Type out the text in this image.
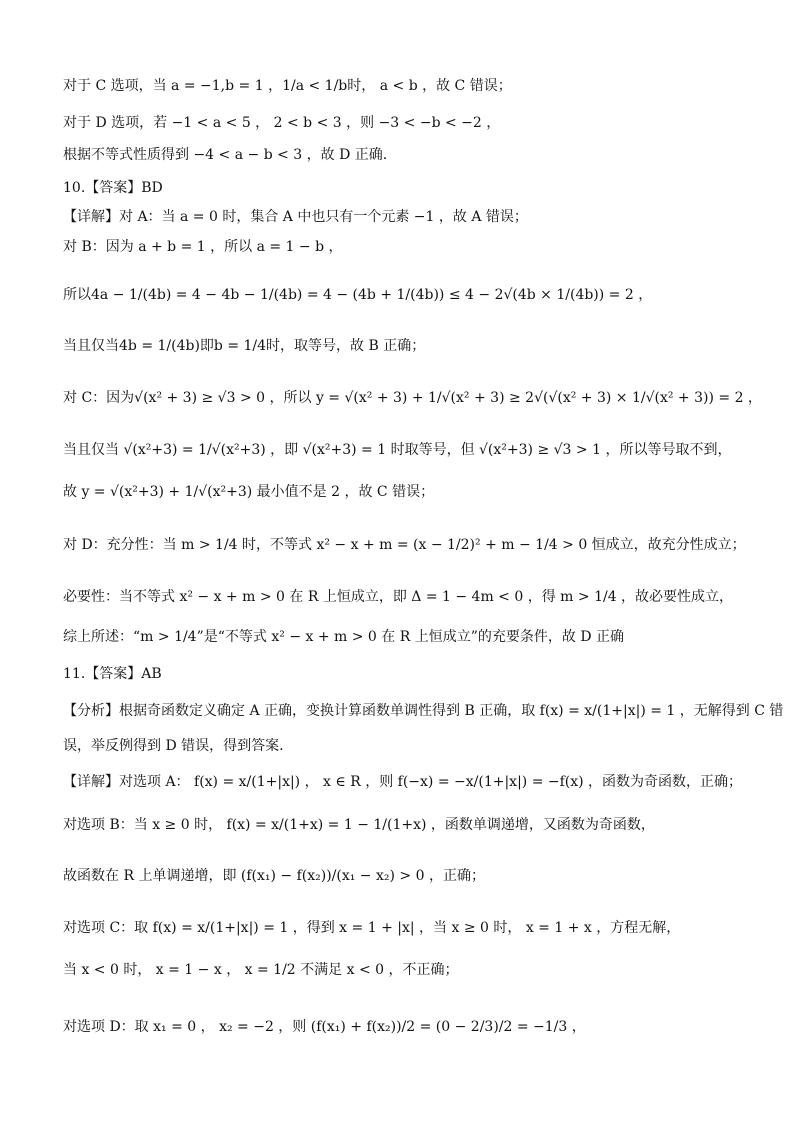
对于 C 选项，当 a = −1,b = 1 ，1/a < 1/b时， a < b ，故 C 错误；
对于 D 选项，若 −1 < a < 5 ， 2 < b < 3 ，则 −3 < −b < −2 ，
根据不等式性质得到 −4 < a − b < 3 ，故 D 正确.
10.【答案】BD
【详解】对 A：当 a = 0 时，集合 A 中也只有一个元素 −1 ，故 A 错误；
对 B：因为 a + b = 1 ，所以 a = 1 − b ，
所以4a − 1/(4b) = 4 − 4b − 1/(4b) = 4 − (4b + 1/(4b)) ≤ 4 − 2√(4b × 1/(4b)) = 2 ，
当且仅当4b = 1/(4b)即b = 1/4时，取等号，故 B 正确；
对 C：因为√(x² + 3) ≥ √3 > 0 ，所以 y = √(x² + 3) + 1/√(x² + 3) ≥ 2√(√(x² + 3) × 1/√(x² + 3)) = 2 ，
当且仅当 √(x²+3) = 1/√(x²+3) ，即 √(x²+3) = 1 时取等号，但 √(x²+3) ≥ √3 > 1 ，所以等号取不到，
故 y = √(x²+3) + 1/√(x²+3) 最小值不是 2 ，故 C 错误；
对 D：充分性：当 m > 1/4 时，不等式 x² − x + m = (x − 1/2)² + m − 1/4 > 0 恒成立，故充分性成立；
必要性：当不等式 x² − x + m > 0 在 R 上恒成立，即 Δ = 1 − 4m < 0 ，得 m > 1/4 ，故必要性成立，
综上所述：“m > 1/4”是“不等式 x² − x + m > 0 在 R 上恒成立”的充要条件，故 D 正确
11.【答案】AB
【分析】根据奇函数定义确定 A 正确，变换计算函数单调性得到 B 正确，取 f(x) = x/(1+|x|) = 1 ，无解得到 C 错
误，举反例得到 D 错误，得到答案.
【详解】对选项 A： f(x) = x/(1+|x|) ， x ∈ R ，则 f(−x) = −x/(1+|x|) = −f(x) ，函数为奇函数，正确；
对选项 B：当 x ≥ 0 时， f(x) = x/(1+x) = 1 − 1/(1+x) ，函数单调递增，又函数为奇函数，
故函数在 R 上单调递增，即 (f(x₁) − f(x₂))/(x₁ − x₂) > 0 ，正确；
对选项 C：取 f(x) = x/(1+|x|) = 1 ，得到 x = 1 + |x| ，当 x ≥ 0 时， x = 1 + x ，方程无解，
当 x < 0 时， x = 1 − x ， x = 1/2 不满足 x < 0 ，不正确；
对选项 D：取 x₁ = 0 ， x₂ = −2 ，则 (f(x₁) + f(x₂))/2 = (0 − 2/3)/2 = −1/3 ，
